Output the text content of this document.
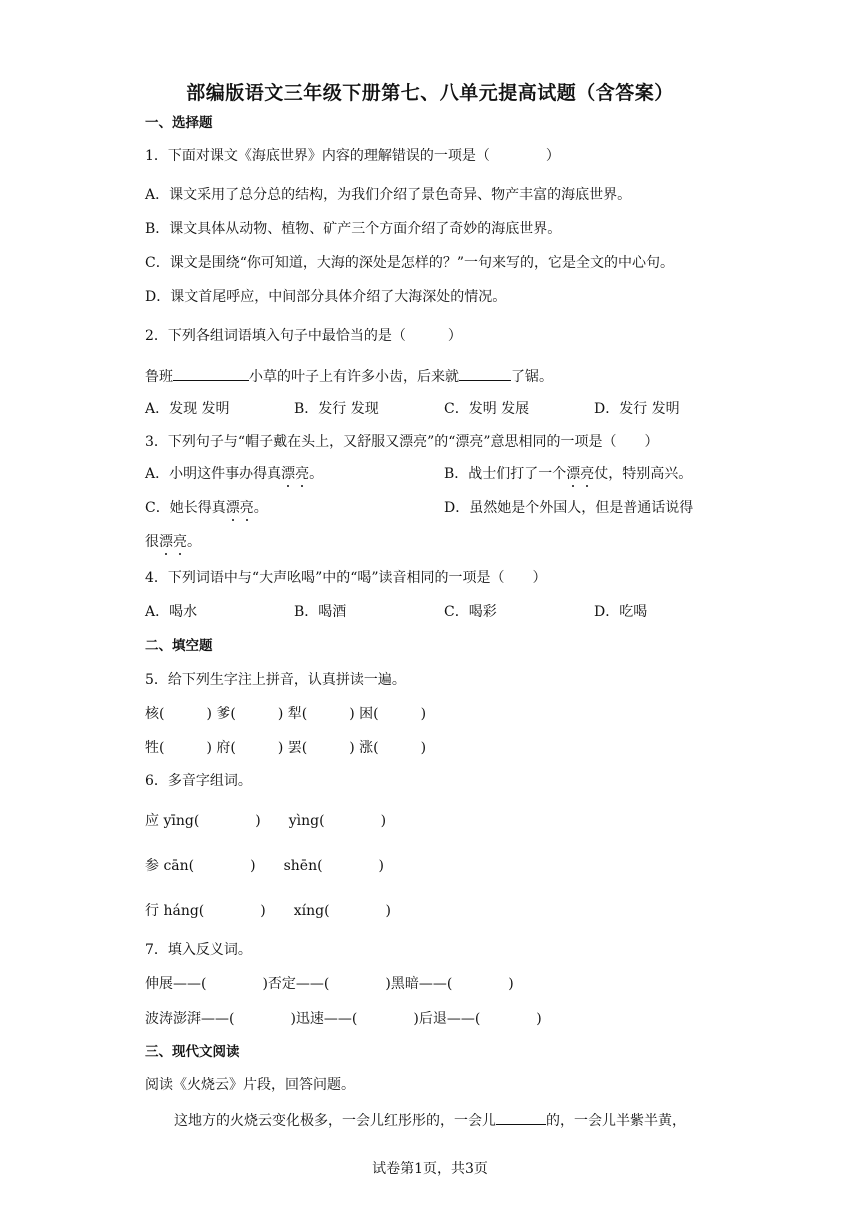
部编版语文三年级下册第七、八单元提高试题（含答案）
一、选择题
1．下面对课文《海底世界》内容的理解错误的一项是（　　　　）
A．课文采用了总分总的结构，为我们介绍了景色奇异、物产丰富的海底世界。
B．课文具体从动物、植物、矿产三个方面介绍了奇妙的海底世界。
C．课文是围绕“你可知道，大海的深处是怎样的？”一句来写的，它是全文的中心句。
D．课文首尾呼应，中间部分具体介绍了大海深处的情况。
2．下列各组词语填入句子中最恰当的是（　　　）
鲁班	小草的叶子上有许多小齿，后来就	了锯。
A．发现 发明	B．发行 发现	C．发明 发展	D．发行 发明
3．下列句子与“帽子戴在头上，又舒服又漂亮”的“漂亮”意思相同的一项是（　　）
A．小明这件事办得真漂亮。	B．战士们打了一个漂亮仗，特别高兴。
C．她长得真漂亮。	D．虽然她是个外国人，但是普通话说得
很漂亮。
4．下列词语中与“大声吆喝”中的“喝”读音相同的一项是（　　）
A．喝水	B．喝酒	C．喝彩	D．吃喝
二、填空题
5．给下列生字注上拼音，认真拼读一遍。
核(　　　) 爹(　　　) 犁(　　　) 困(　　　)
牲(　　　) 府(　　　) 罢(　　　) 涨(　　　)
6．多音字组词。
应 yīng(　　　　)　　yìng(　　　　)
参 cān(　　　　)　　shēn(　　　　)
行 háng(　　　　)　　xíng(　　　　)
7．填入反义词。
伸展——(　　　　)否定——(　　　　)黑暗——(　　　　)
波涛澎湃——(　　　　)迅速——(　　　　)后退——(　　　　)
三、现代文阅读
阅读《火烧云》片段，回答问题。
这地方的火烧云变化极多，一会儿红彤彤的，一会儿	的，一会儿半紫半黄，
试卷第1页，共3页
